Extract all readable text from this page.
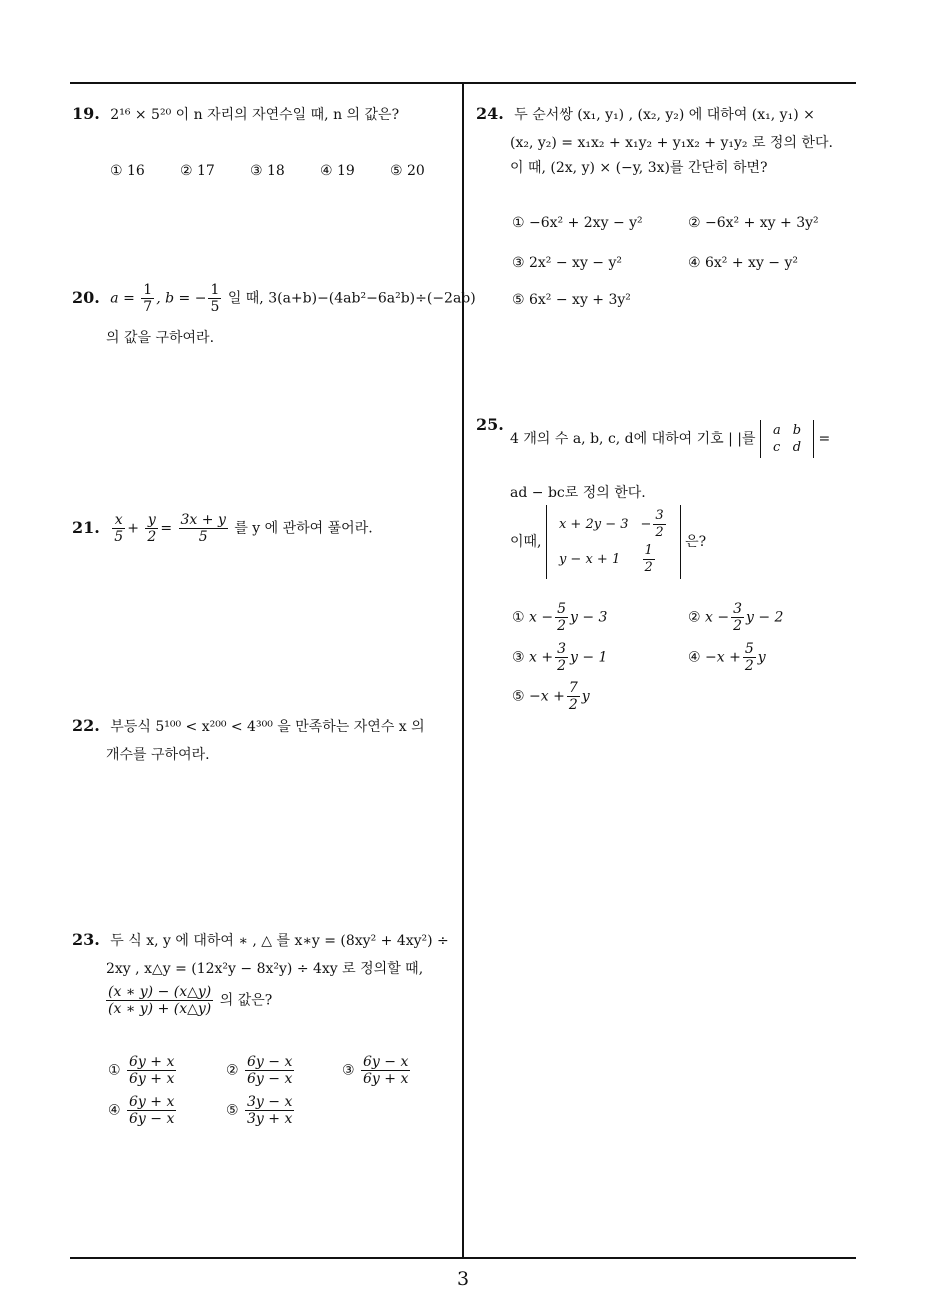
19. 2¹⁶ × 5²⁰ 이 n 자리의 자연수일 때, n 의 값은?
① 16	② 17	③ 18	④ 19	⑤ 20
20. $a = \frac{1}{7}$ , b = − $\frac{1}{5}$ 일 때, 3(a+b)−(4ab²−6a²b)÷(−2ab)
의 값을 구하여라.
21. $\frac{x}{5} + \frac{y}{2} = \frac{3x + y}{5}$ 를 y 에 관하여 풀어라.
22. 부등식 5¹⁰⁰ < x²⁰⁰ < 4³⁰⁰ 을 만족하는 자연수 x 의
개수를 구하여라.
23. 두 식 x, y 에 대하여 ∗ , △ 를 x∗y = (8xy² + 4xy²) ÷
2xy , x△y = (12x²y − 8x²y) ÷ 4xy 로 정의할 때,
$\frac{(x ∗ y) - (x\triangle y)}{(x ∗ y) + (x\triangle y)}$ 의 값은?
① $\frac{6y + x}{6y + x}$	② $\frac{6y - x}{6y - x}$	③ $\frac{6y - x}{6y + x}$
④ $\frac{6y + x}{6y - x}$	⑤ $\frac{3y - x}{3y + x}$
24. 두 순서쌍 (x₁, y₁) , (x₂, y₂) 에 대하여 (x₁, y₁) ×
(x₂, y₂) = x₁x₂ + x₁y₂ + y₁x₂ + y₁y₂ 로 정의 한다.
이 때, (2x, y) × (−y, 3x)를 간단히 하면?
① −6x² + 2xy − y²	② −6x² + xy + 3y²
③ 2x² − xy − y²	④ 6x² + xy − y²
⑤ 6x² − xy + 3y²
25.
4 개의 수 a, b, c, d에 대하여 기호 | |를
a	b
c	d
=
ad − bc로 정의 한다.
이때,
x + 2y − 3	− $\frac{3}{2}$

y − x + 1	$\frac{1}{2}$
은?
① $x - \frac{5}{2}$ y − 3	② $x - \frac{3}{2}$ y − 2
③ $x + \frac{3}{2}$ y − 1	④ $-x + \frac{5}{2}$ y
⑤ $-x + \frac{7}{2}$ y
3
